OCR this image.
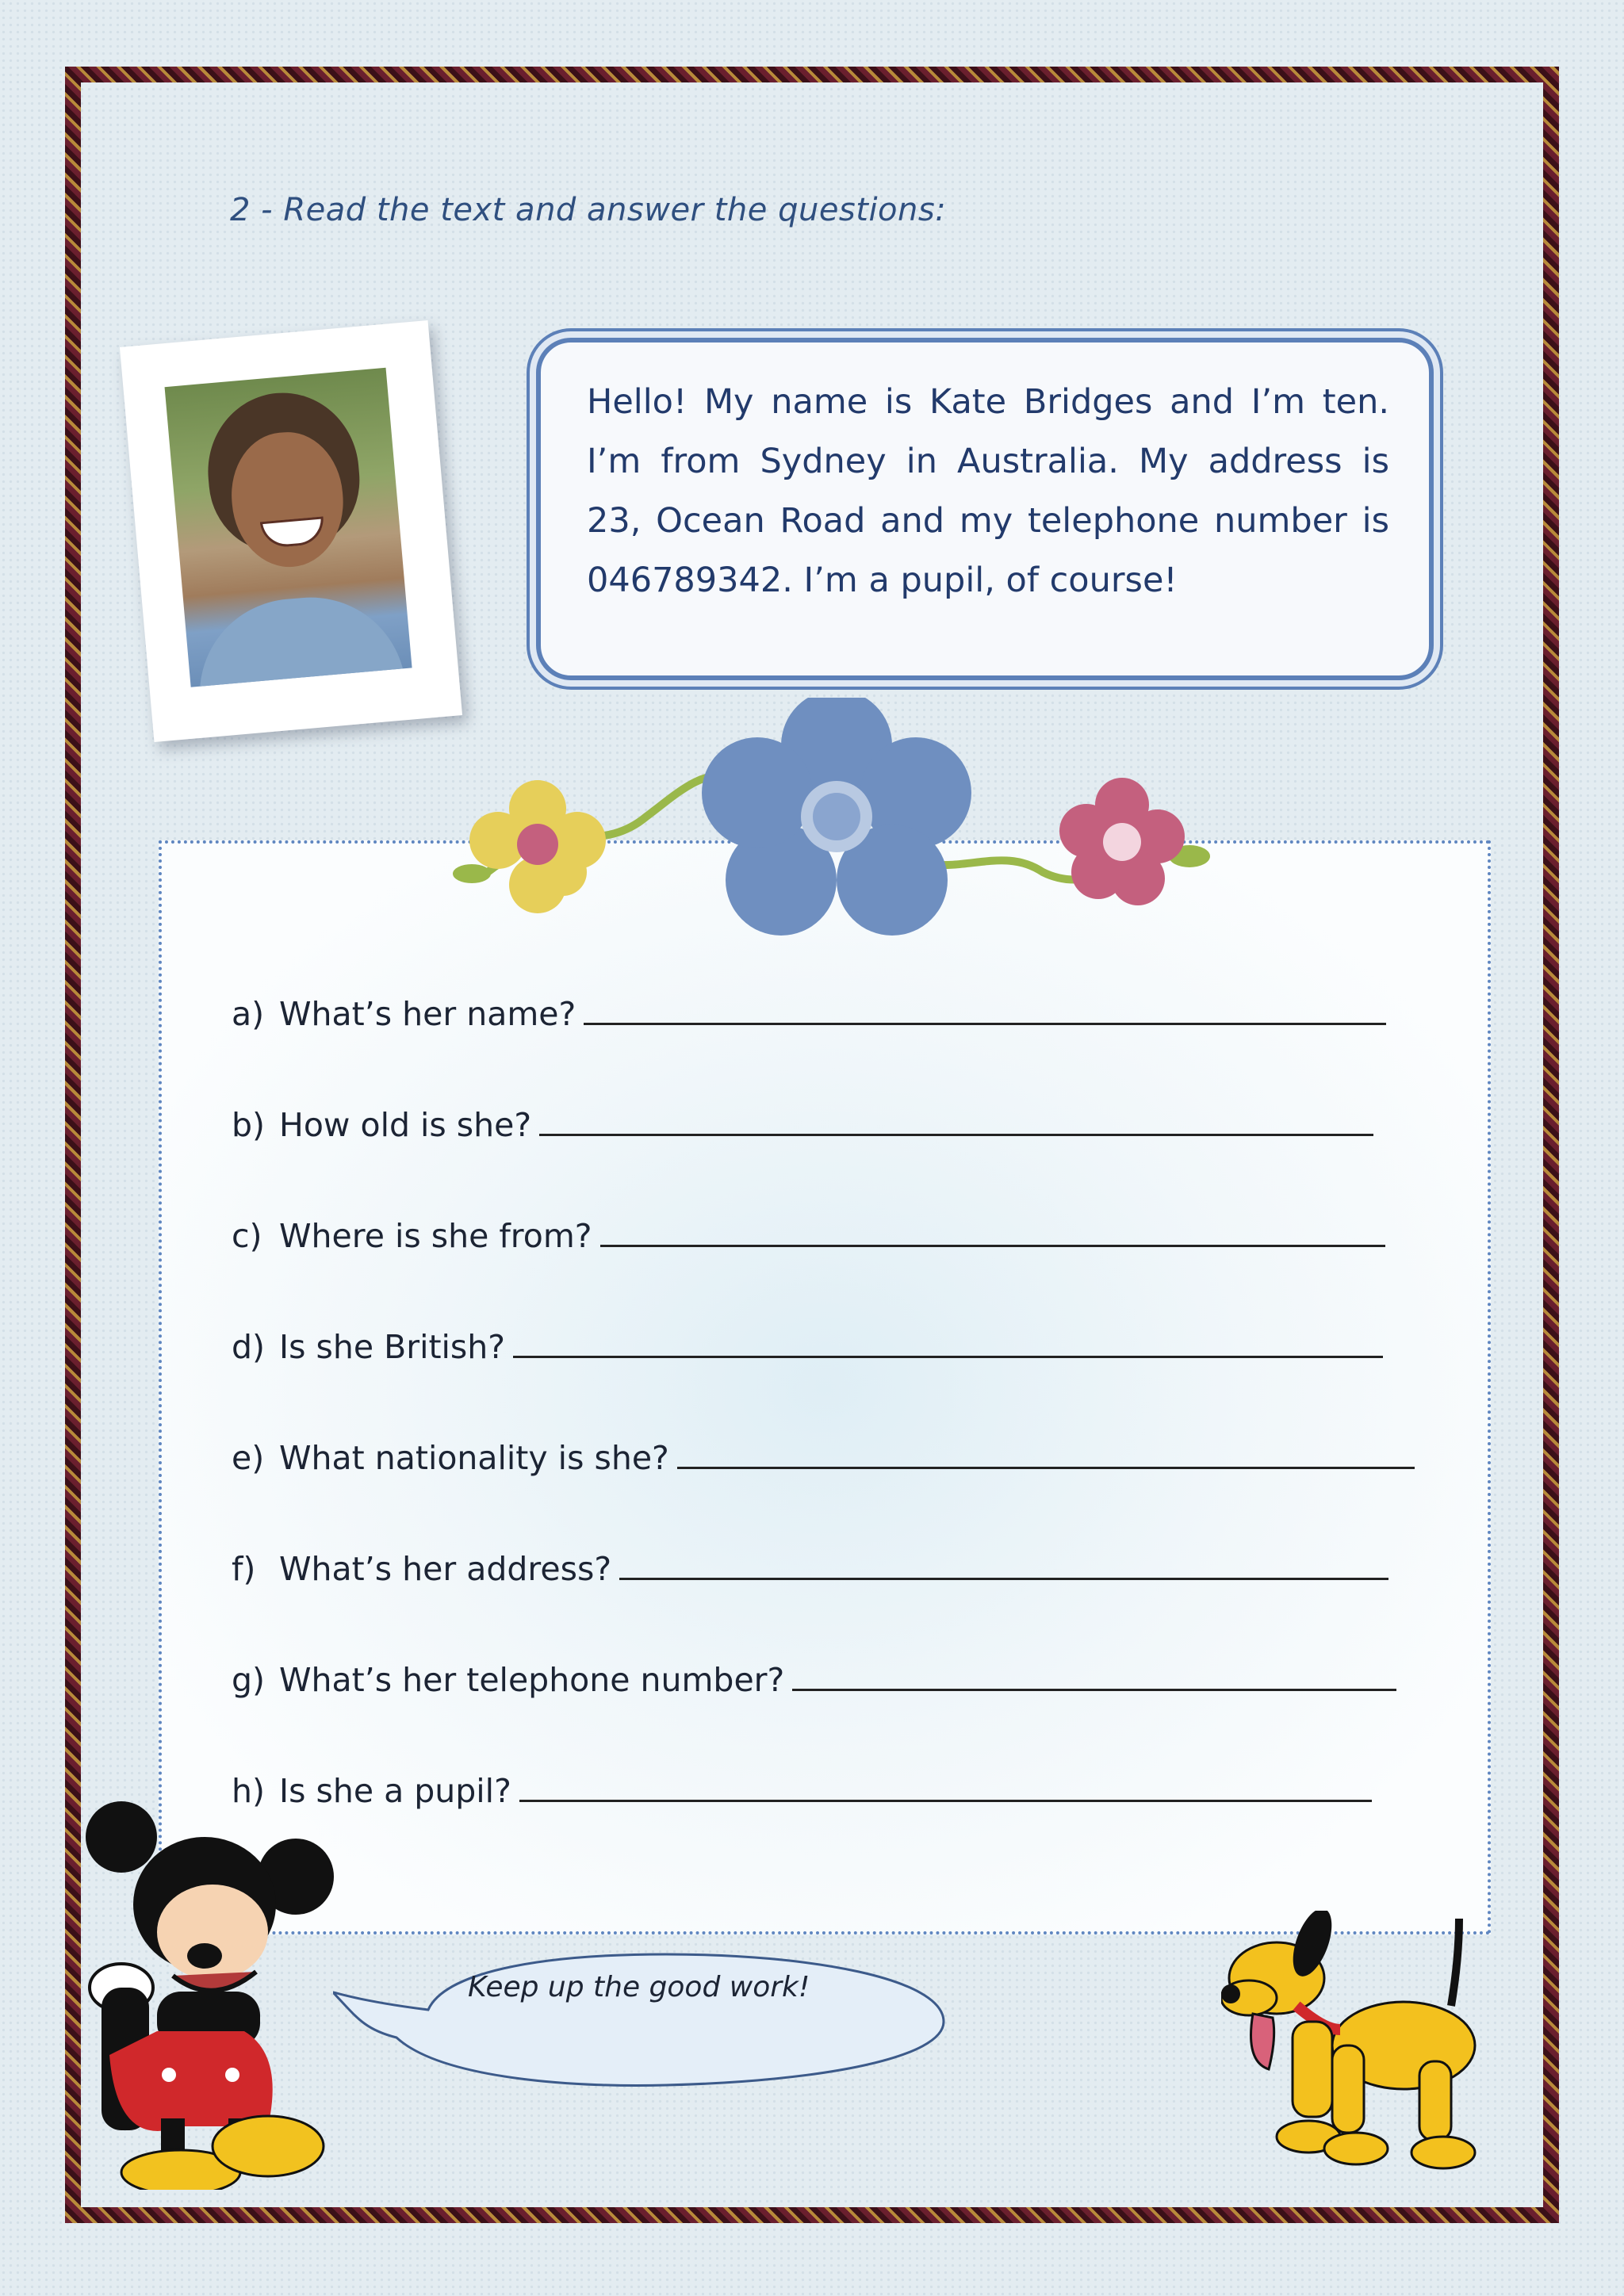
2 - Read the text and answer the questions:

Hello! My name is Kate Bridges and I’m ten. I’m from Sydney in Australia. My address is 23, Ocean Road and my telephone number is 046789342. I’m a pupil, of course!

a) What’s her name?
b) How old is she?
c) Where is she from?
d) Is she British?
e) What nationality is she?
f) What’s her address?
g) What’s her telephone number?
h) Is she a pupil?
Keep up the good work!
